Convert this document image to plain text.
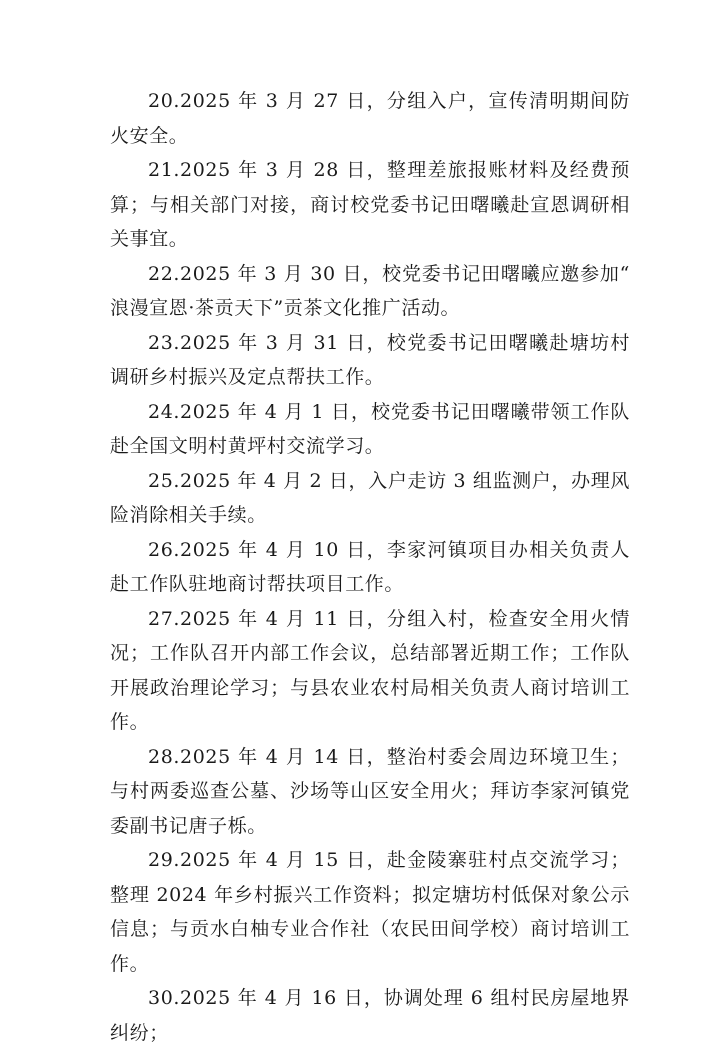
20.2025 年 3 月 27 日，分组入户，宣传清明期间防火安全。

21.2025 年 3 月 28 日，整理差旅报账材料及经费预算；与相关部门对接，商讨校党委书记田曙曦赴宣恩调研相关事宜。

22.2025 年 3 月 30 日，校党委书记田曙曦应邀参加“浪漫宣恩·茶贡天下”贡茶文化推广活动。

23.2025 年 3 月 31 日，校党委书记田曙曦赴塘坊村调研乡村振兴及定点帮扶工作。

24.2025 年 4 月 1 日，校党委书记田曙曦带领工作队赴全国文明村黄坪村交流学习。

25.2025 年 4 月 2 日，入户走访 3 组监测户，办理风险消除相关手续。

26.2025 年 4 月 10 日，李家河镇项目办相关负责人赴工作队驻地商讨帮扶项目工作。

27.2025 年 4 月 11 日，分组入村，检查安全用火情况；工作队召开内部工作会议，总结部署近期工作；工作队开展政治理论学习；与县农业农村局相关负责人商讨培训工作。

28.2025 年 4 月 14 日，整治村委会周边环境卫生；与村两委巡查公墓、沙场等山区安全用火；拜访李家河镇党委副书记唐子栎。

29.2025 年 4 月 15 日，赴金陵寨驻村点交流学习；整理 2024 年乡村振兴工作资料；拟定塘坊村低保对象公示信息；与贡水白柚专业合作社（农民田间学校）商讨培训工作。

30.2025 年 4 月 16 日，协调处理 6 组村民房屋地界纠纷；
